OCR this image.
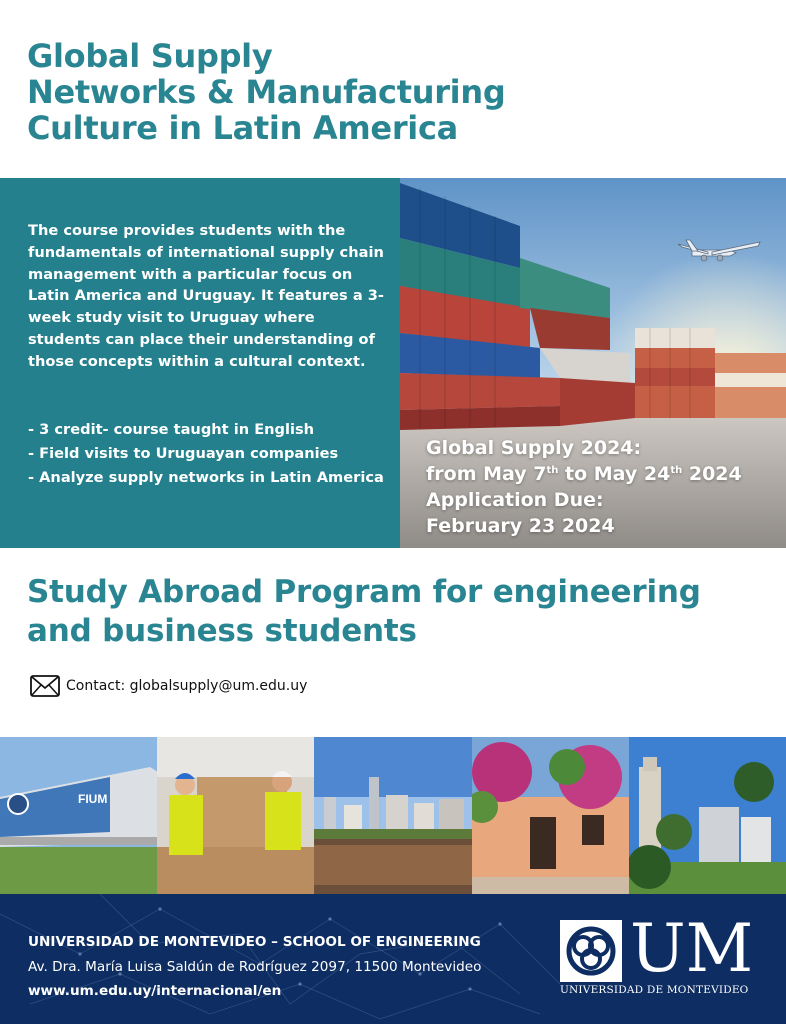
Global Supply
Networks & Manufacturing
Culture in Latin America

The course provides students with the fundamentals of international supply chain management with a particular focus on Latin America and Uruguay. It features a 3-week study visit to Uruguay where students can place their understanding of those concepts within a cultural context.

- 3 credit- course taught in English
- Field visits to Uruguayan companies
- Analyze supply networks in Latin America
Global Supply 2024:
from May 7th to May 24th 2024
Application Due:
February 23 2024
Study Abroad Program for engineering
and business students
Contact: globalsupply@um.edu.uy
FIUM
UNIVERSIDAD DE MONTEVIDEO – SCHOOL OF ENGINEERING
Av. Dra. María Luisa Saldún de Rodríguez 2097, 11500 Montevideo
www.um.edu.uy/internacional/en
UM
UNIVERSIDAD DE MONTEVIDEO
